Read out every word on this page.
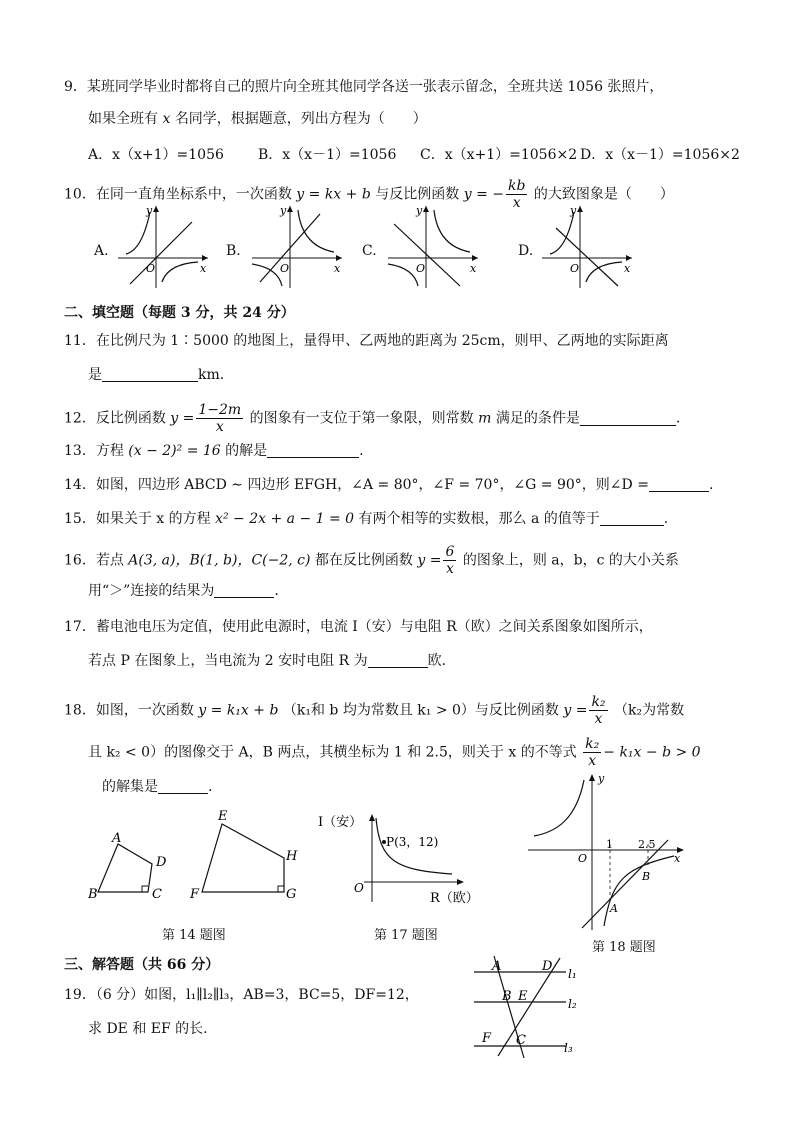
9．某班同学毕业时都将自己的照片向全班其他同学各送一张表示留念，全班共送 1056 张照片，
如果全班有 x 名同学，根据题意，列出方程为（　　）
A．x（x+1）=1056 B．x（x－1）=1056 C．x（x+1）=1056×2 D．x（x－1）=1056×2
10．在同一直角坐标系中，一次函数 y = kx + b 与反比例函数 y = − $\frac{kb}{x}$ 的大致图象是（　　）
A.	B.	C.	D.
O	x
y
O	x
y
O	x
y
O	x
y
二、填空题（每题 3 分，共 24 分）
11．在比例尺为 1∶5000 的地图上，量得甲、乙两地的距离为 25cm，则甲、乙两地的实际距离
是	km.
12．反比例函数 $y = \frac{1-2m}{x}$ 的图象有一支位于第一象限，则常数 m 满足的条件是	.
13．方程 (x − 2)² = 16 的解是	.
14．如图，四边形 ABCD ∼ 四边形 EFGH，∠A = 80°，∠F = 70°，∠G = 90°，则∠D =	.
15．如果关于 x 的方程 x² − 2x + a − 1 = 0 有两个相等的实数根，那么 a 的值等于	.
16．若点 A(3, a)，B(1, b)，C(−2, c) 都在反比例函数 $y = \frac{6}{x}$ 的图象上，则 a，b，c 的大小关系
用“＞”连接的结果为	.
17．蓄电池电压为定值，使用此电源时，电流 I（安）与电阻 R（欧）之间关系图象如图所示，
若点 P 在图象上，当电流为 2 安时电阻 R 为	欧.
18．如图，一次函数 y = k₁x + b （k₁和 b 均为常数且 k₁ > 0）与反比例函数 $y = \frac{\text{k₂}}{x} (k_2$为常数
且 k₂ < 0）的图像交于 A，B 两点，其横坐标为 1 和 2.5，则关于 x 的不等式 $\frac{\text{k₂}}{x} - k_1x - b > 0$
的解集是	.
A
B	C
D
E
F	G
H
第 14 题图
I（安）
R（欧）
O
P(3，12)
第 17 题图
y
x
O
1 2.5
A
B
第 18 题图
三、解答题（共 66 分）
19．（6 分）如图，l₁∥l₂∥l₃，AB=3，BC=5，DF=12，
求 DE 和 EF 的长.
A	D
B E
F C
l₁
l₂
l₃
